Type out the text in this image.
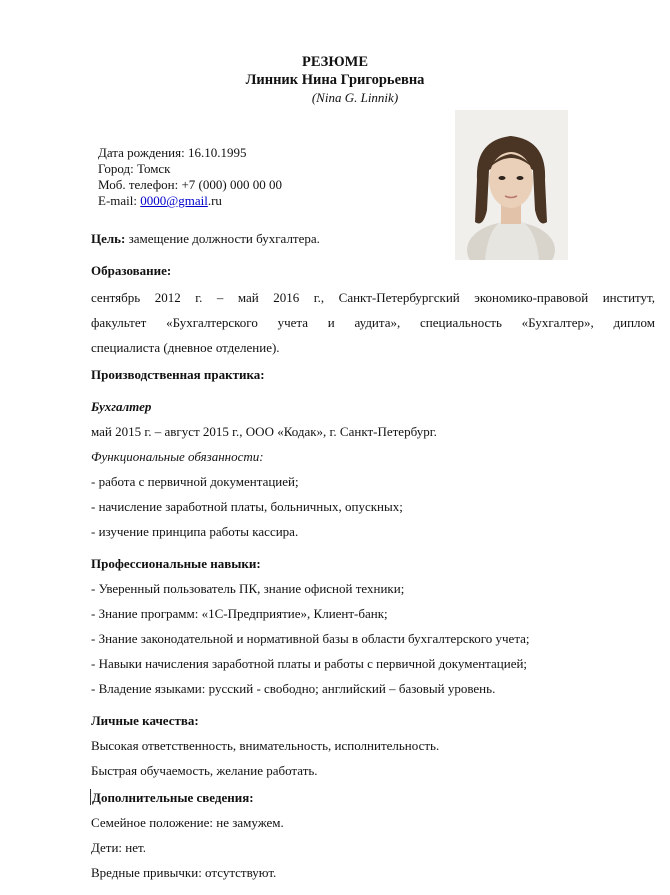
РЕЗЮМЕ
Линник Нина Григорьевна
(Nina G. Linnik)
Дата рождения: 16.10.1995
Город: Томск
Моб. телефон: +7 (000) 000 00 00
E-mail: 0000@gmail.ru
Цель: замещение должности бухгалтера.
Образование:
сентябрь 2012 г. – май 2016 г., Санкт-Петербургский экономико-правовой институт,
факультет «Бухгалтерского учета и аудита», специальность «Бухгалтер», диплом
специалиста (дневное отделение).
Производственная практика:
Бухгалтер
май 2015 г. – август 2015 г., ООО «Кодак», г. Санкт-Петербург.
Функциональные обязанности:
- работа с первичной документацией;
- начисление заработной платы, больничных, опускных;
- изучение принципа работы кассира.
Профессиональные навыки:
- Уверенный пользователь ПК, знание офисной техники;
- Знание программ: «1С-Предприятие», Клиент-банк;
- Знание законодательной и нормативной базы в области бухгалтерского учета;
- Навыки начисления заработной платы и работы с первичной документацией;
- Владение языками: русский - свободно; английский – базовый уровень.
Личные качества:
Высокая ответственность, внимательность, исполнительность.
Быстрая обучаемость, желание работать.
Дополнительные сведения:
Семейное положение: не замужем.
Дети: нет.
Вредные привычки: отсутствуют.
